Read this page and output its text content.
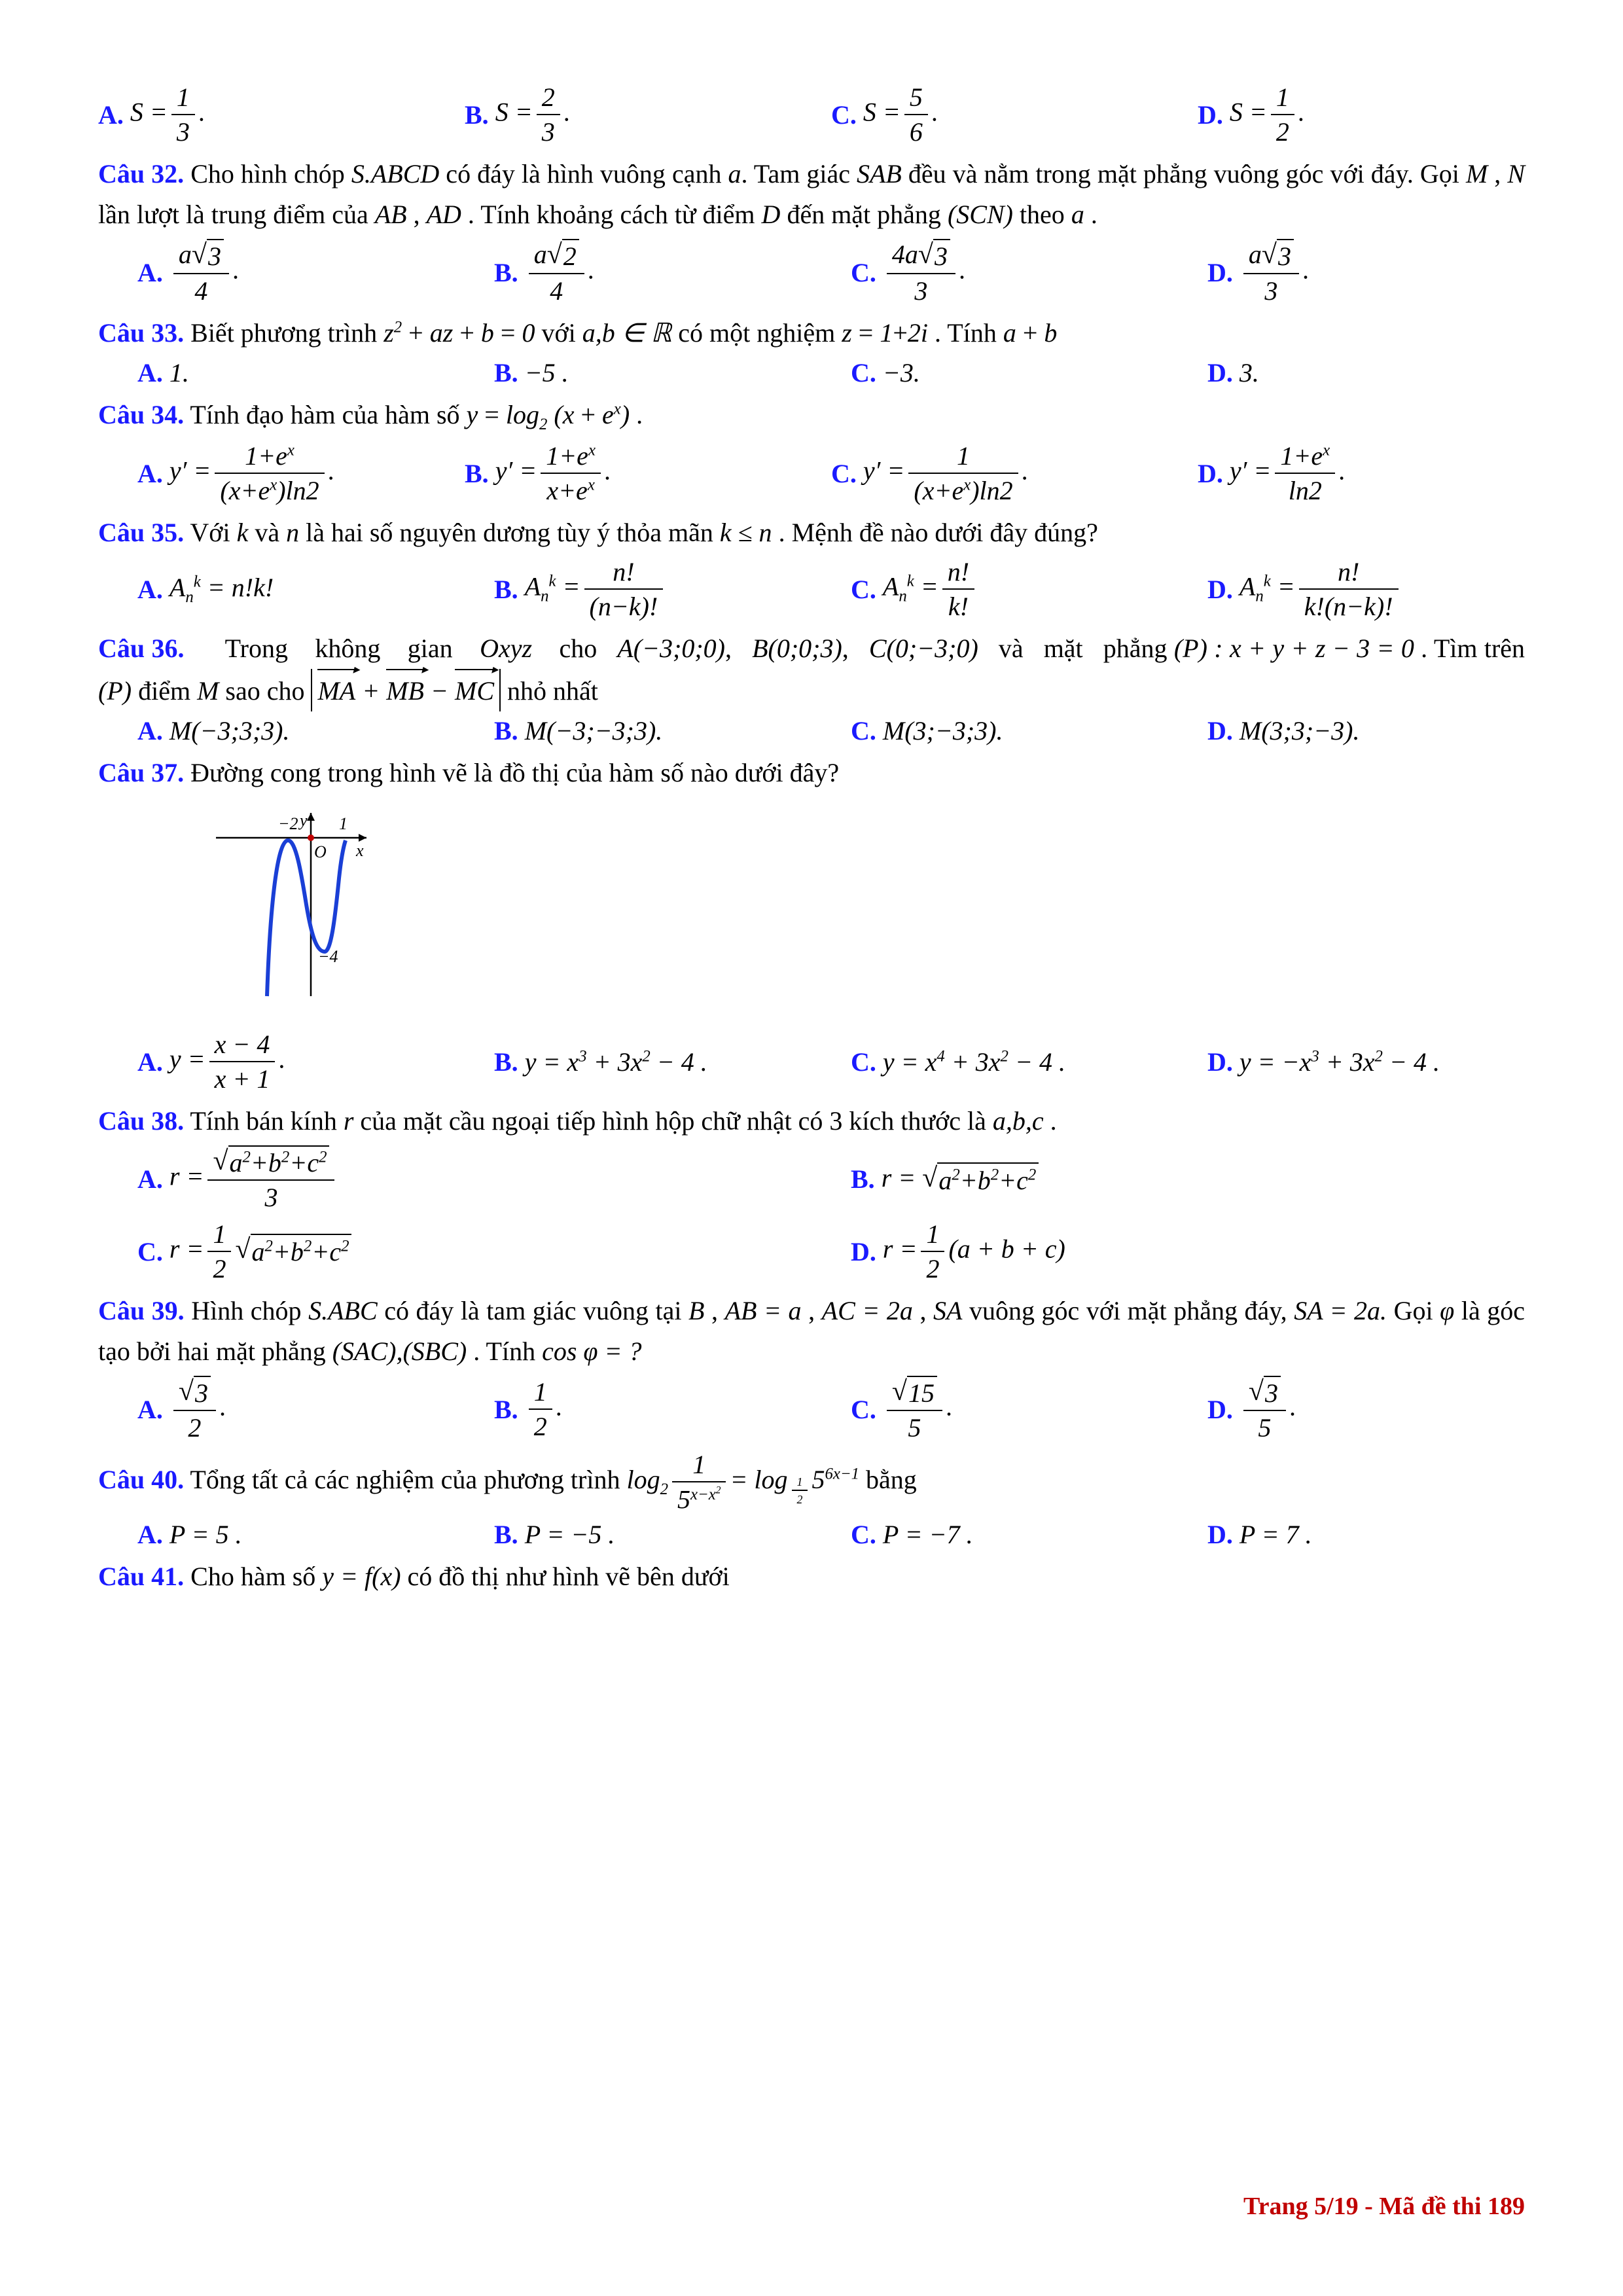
A. $S = \frac{1}{3}$ .	B. $S = \frac{2}{3}$ .	C. $S = \frac{5}{6}$ .	D. $S = \frac{1}{2}$ .

Câu 32. Cho hình chóp S.ABCD có đáy là hình vuông cạnh a. Tam giác SAB đều và nằm trong mặt phẳng vuông góc với đáy. Gọi M , N lần lượt là trung điểm của AB , AD . Tính khoảng cách từ điểm D đến mặt phẳng (SCN) theo a .

A. $\frac{a √ 3}{4}$ .	B. $\frac{a √ 2}{4}$ .	C. $\frac{4a √ 3}{3}$ .	D. $\frac{a √ 3}{3}$ .

Câu 33. Biết phương trình $z^2$ + az + b = 0 với a,b ∈ ℝ có một nghiệm z = 1+2i . Tính a + b

A. 1.	B. −5 .	C. −3.	D. 3.

Câu 34. Tính đạo hàm của hàm số $y = \log_2 (x + e^x)$ .

A. $y' = \frac{1+e^x}{(x+e^x)\ln 2}$ .	B. $y' = \frac{1+e^x}{x+e^x}$ .	C. $y' = \frac{1}{(x+e^x)\ln 2}$ .	D. $y' = \frac{1+e^x}{\ln 2}$ .

Câu 35. Với k và n là hai số nguyên dương tùy ý thỏa mãn k ≤ n . Mệnh đề nào dưới đây đúng?

A. $A_n^k = n!k$!	B. $A_n^k = \frac{n!}{(n-k)!}$	C. $A_n^k = \frac{n!}{k!}$	D. $A_n^k = \frac{n!}{k!(n-k)!}$

Câu 36.      Trong    không    gian    Oxyz    cho   A(−3;0;0),   B(0;0;3),   C(0;−3;0)   và   mặt   phẳng (P) : x + y + z − 3 = 0 . Tìm trên (P) điểm M sao cho MA ▸ + MB ▸ − MC ▸ nhỏ nhất

A. M(−3;3;3).	B. M(−3;−3;3).	C. M(3;−3;3).	D. M(3;3;−3).

Câu 37. Đường cong trong hình vẽ là đồ thị của hàm số nào dưới đây?

−2 1
O
y
x
−4
A. $y = \frac{x - 4}{x + 1}$ .	B. $y = x^3 + 3x^2 - 4$ .	C. $y = x^4 + 3x^2 - 4$ .	D. $y = -x^3 + 3x^2 - 4$ .

Câu 38. Tính bán kính r của mặt cầu ngoại tiếp hình hộp chữ nhật có 3 kích thước là a,b,c .

A. $r = \frac{√ a^2+b^2+c^2}{3}$	B. r = √ $a^2+b^2+c^2$
C. $r = \frac{1}{2}$ √ $a^2+b^2+c^2$	D. $r = \frac{1}{2} (a + b + c)$

Câu 39. Hình chóp S.ABC có đáy là tam giác vuông tại B , AB = a , AC = 2a , SA vuông góc với mặt phẳng đáy, SA = 2a. Gọi φ là góc tạo bởi hai mặt phẳng (SAC),(SBC) . Tính cos φ = ?

A. $\frac{√ 3}{2}$ .	B. $\frac{1}{2}$ .	C. $\frac{√ 15}{5}$ .	D. $\frac{√ 3}{5}$ .

Câu 40. Tổng tất cả các nghiệm của phương trình $\log_2 \frac{1}{5^{x-x^2}} = \log _{\frac{1}{2}}$ $5^{6x-1}$ bằng

A. P = 5 .	B. P = −5 .	C. P = −7 .	D. P = 7 .

Câu 41. Cho hàm số y = f(x) có đồ thị như hình vẽ bên dưới

Trang 5/19 - Mã đề thi 189
